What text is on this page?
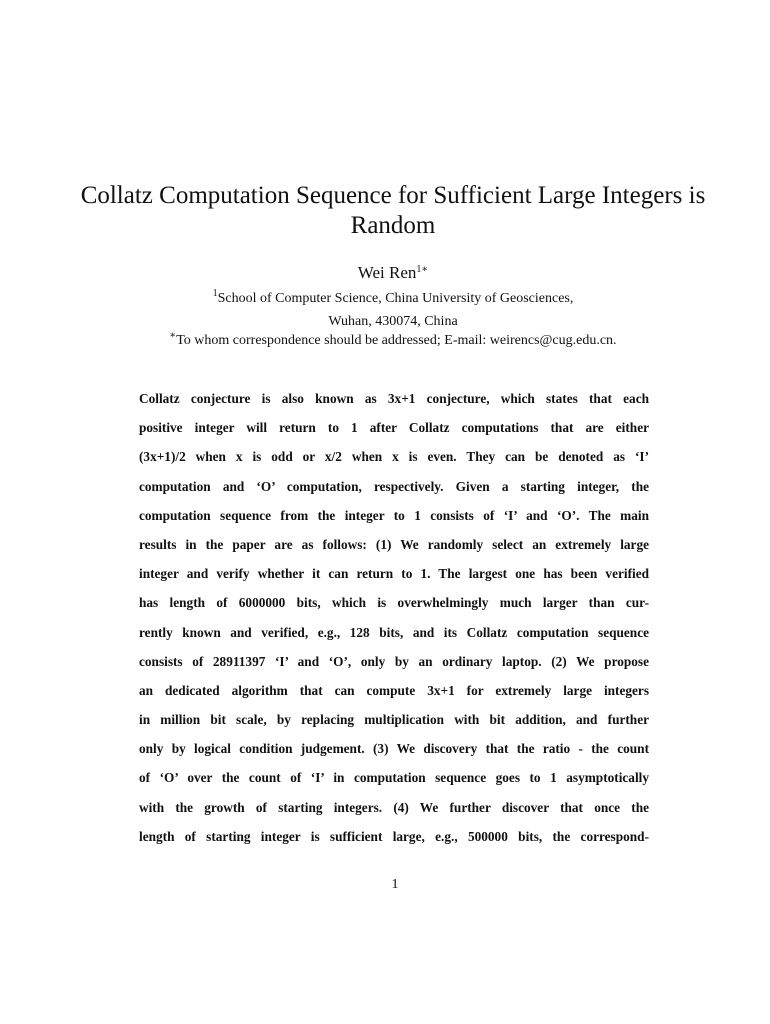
Collatz Computation Sequence for Sufficient Large Integers is Random
Wei Ren$^{1∗}$
$^1$School of Computer Science, China University of Geosciences,
Wuhan, 430074, China
∗To whom correspondence should be addressed; E-mail: weirencs@cug.edu.cn.
Collatz conjecture is also known as 3x+1 conjecture, which states that each
positive integer will return to 1 after Collatz computations that are either
(3x+1)/2 when x is odd or x/2 when x is even. They can be denoted as ‘I’
computation and ‘O’ computation, respectively. Given a starting integer, the
computation sequence from the integer to 1 consists of ‘I’ and ‘O’. The main
results in the paper are as follows: (1) We randomly select an extremely large
integer and verify whether it can return to 1. The largest one has been verified
has length of 6000000 bits, which is overwhelmingly much larger than cur-
rently known and verified, e.g., 128 bits, and its Collatz computation sequence
consists of 28911397 ‘I’ and ‘O’, only by an ordinary laptop. (2) We propose
an dedicated algorithm that can compute 3x+1 for extremely large integers
in million bit scale, by replacing multiplication with bit addition, and further
only by logical condition judgement. (3) We discovery that the ratio - the count
of ‘O’ over the count of ‘I’ in computation sequence goes to 1 asymptotically
with the growth of starting integers. (4) We further discover that once the
length of starting integer is sufficient large, e.g., 500000 bits, the correspond-
1
